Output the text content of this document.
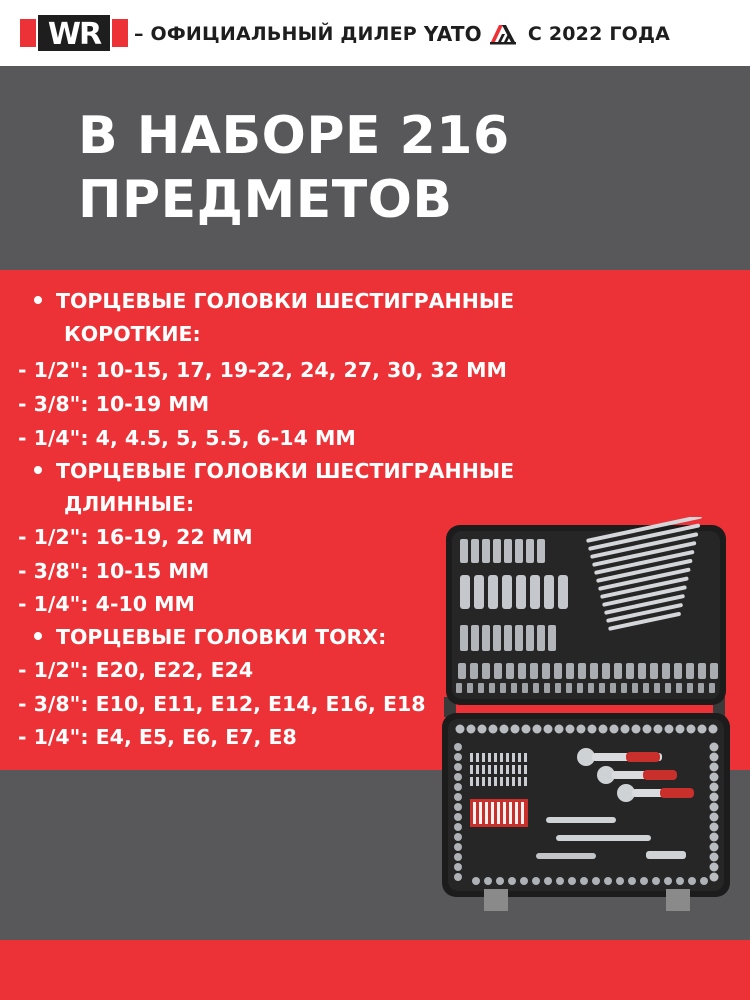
WR – ОФИЦИАЛЬНЫЙ ДИЛЕР YATO С 2022 ГОДА
В НАБОРЕ 216
ПРЕДМЕТОВ
ТОРЦЕВЫЕ ГОЛОВКИ ШЕСТИГРАННЫЕ
КОРОТКИЕ:
- 1/2": 10-15, 17, 19-22, 24, 27, 30, 32 ММ
- 3/8": 10-19 ММ
- 1/4": 4, 4.5, 5, 5.5, 6-14 ММ
ТОРЦЕВЫЕ ГОЛОВКИ ШЕСТИГРАННЫЕ
ДЛИННЫЕ:
- 1/2": 16-19, 22 ММ
- 3/8": 10-15 ММ
- 1/4": 4-10 ММ
ТОРЦЕВЫЕ ГОЛОВКИ TORX:
- 1/2": E20, E22, E24
- 3/8": E10, E11, E12, E14, E16, E18
- 1/4": E4, E5, E6, E7, E8
